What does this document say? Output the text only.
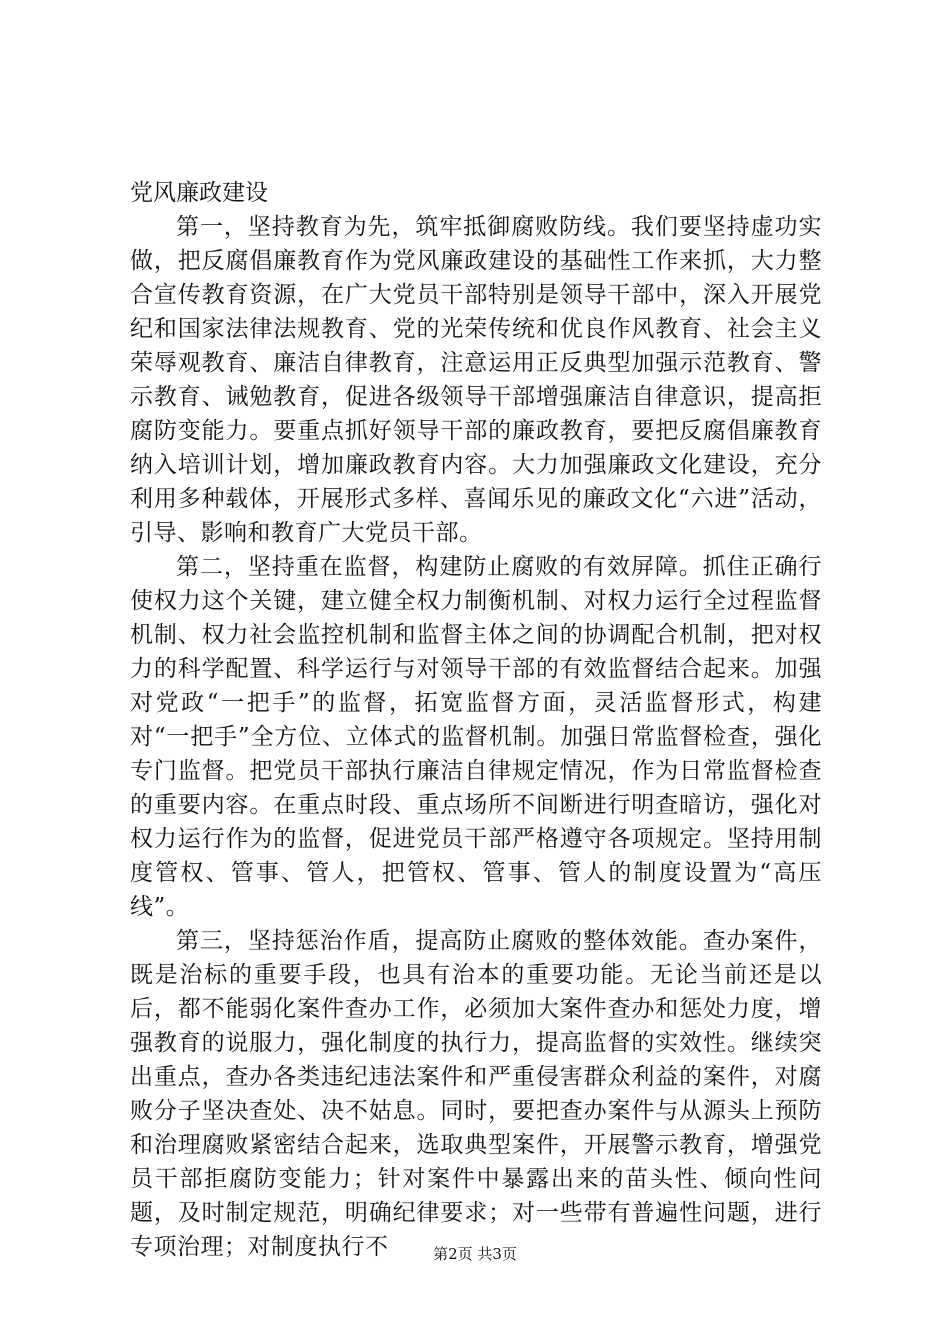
党风廉政建设

第一，坚持教育为先，筑牢抵御腐败防线。我们要坚持虚功实做，把反腐倡廉教育作为党风廉政建设的基础性工作来抓，大力整合宣传教育资源，在广大党员干部特别是领导干部中，深入开展党纪和国家法律法规教育、党的光荣传统和优良作风教育、社会主义荣辱观教育、廉洁自律教育，注意运用正反典型加强示范教育、警示教育、诫勉教育，促进各级领导干部增强廉洁自律意识，提高拒腐防变能力。要重点抓好领导干部的廉政教育，要把反腐倡廉教育纳入培训计划，增加廉政教育内容。大力加强廉政文化建设，充分利用多种载体，开展形式多样、喜闻乐见的廉政文化“六进”活动，引导、影响和教育广大党员干部。

第二，坚持重在监督，构建防止腐败的有效屏障。抓住正确行使权力这个关键，建立健全权力制衡机制、对权力运行全过程监督机制、权力社会监控机制和监督主体之间的协调配合机制，把对权力的科学配置、科学运行与对领导干部的有效监督结合起来。加强对党政“一把手”的监督，拓宽监督方面，灵活监督形式，构建对“一把手”全方位、立体式的监督机制。加强日常监督检查，强化专门监督。把党员干部执行廉洁自律规定情况，作为日常监督检查的重要内容。在重点时段、重点场所不间断进行明查暗访，强化对权力运行作为的监督，促进党员干部严格遵守各项规定。坚持用制度管权、管事、管人，把管权、管事、管人的制度设置为“高压线”。

第三，坚持惩治作盾，提高防止腐败的整体效能。查办案件，既是治标的重要手段，也具有治本的重要功能。无论当前还是以后，都不能弱化案件查办工作，必须加大案件查办和惩处力度，增强教育的说服力，强化制度的执行力，提高监督的实效性。继续突出重点，查办各类违纪违法案件和严重侵害群众利益的案件，对腐败分子坚决查处、决不姑息。同时，要把查办案件与从源头上预防和治理腐败紧密结合起来，选取典型案件，开展警示教育，增强党员干部拒腐防变能力；针对案件中暴露出来的苗头性、倾向性问题，及时制定规范，明确纪律要求；对一些带有普遍性问题，进行专项治理；对制度执行不	第2页 共3页
